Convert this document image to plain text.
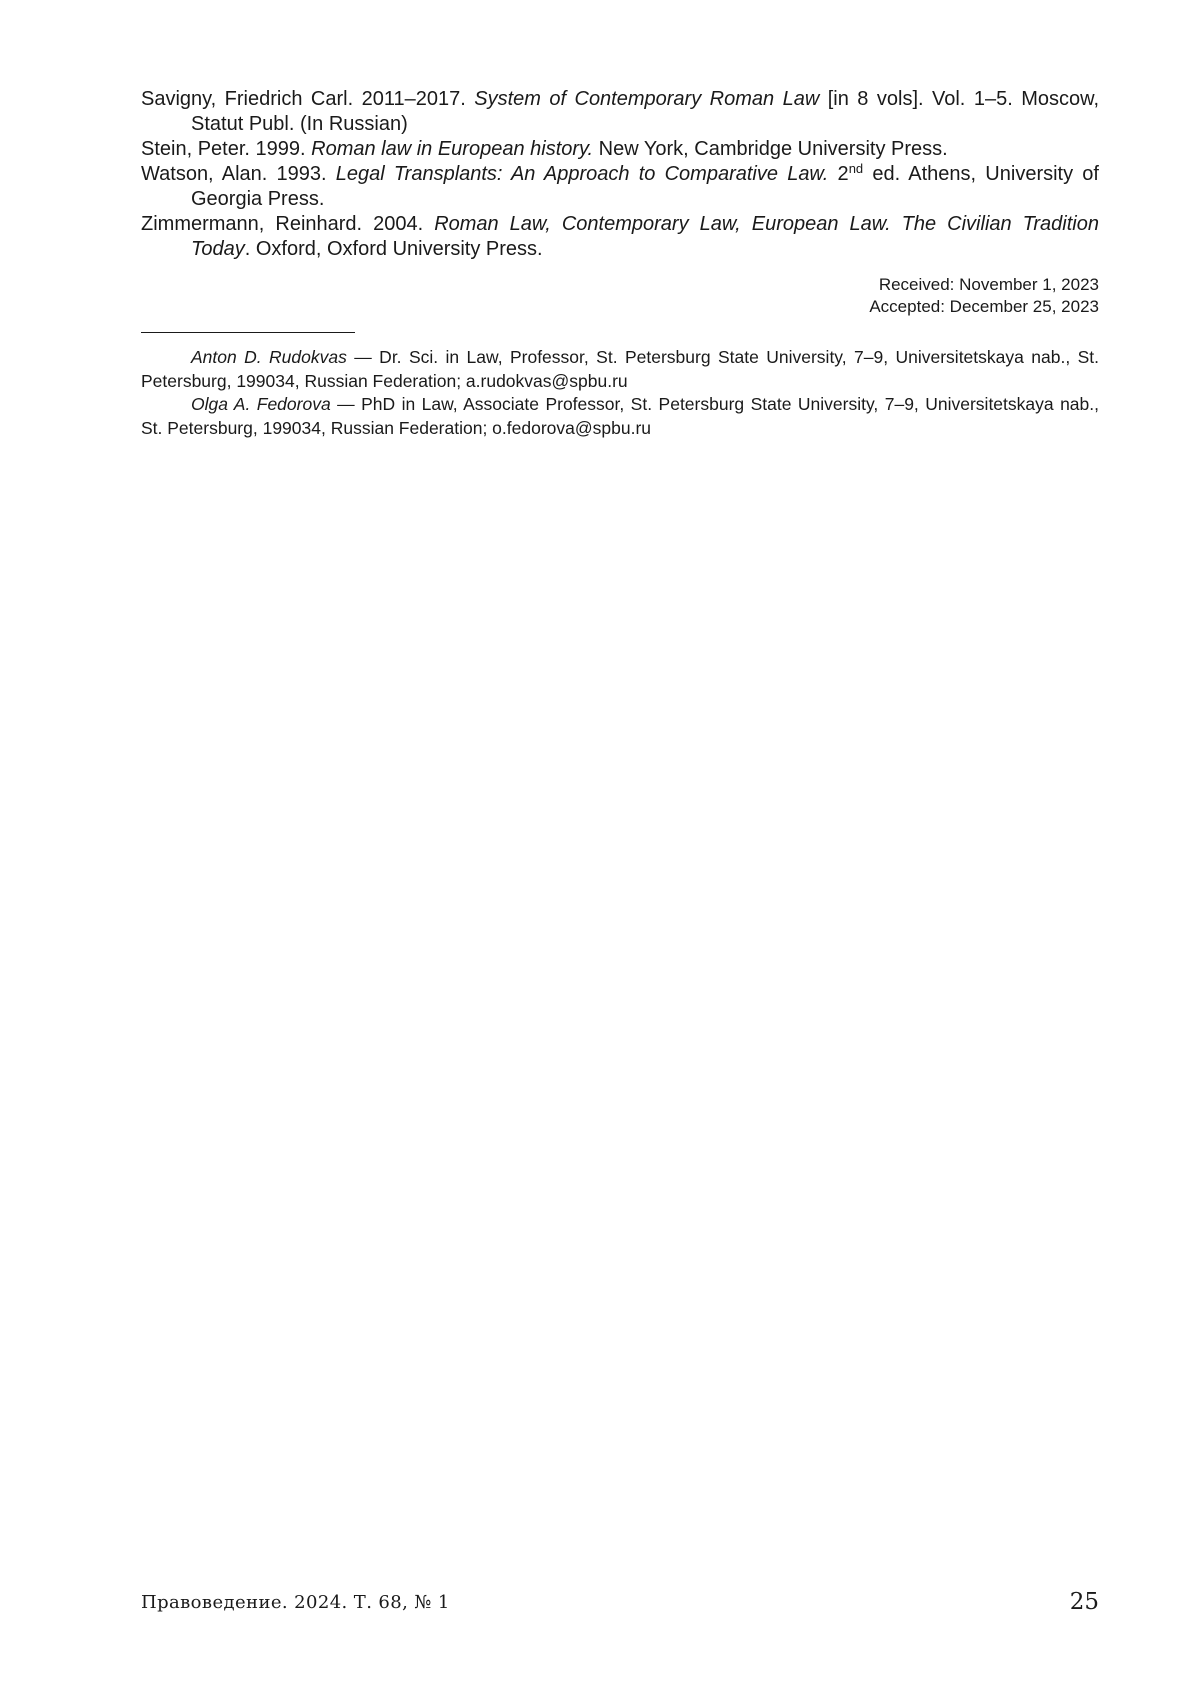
Savigny, Friedrich Carl. 2011–2017. System of Contemporary Roman Law [in 8 vols]. Vol. 1–5. Moscow, Statut Publ. (In Russian)
Stein, Peter. 1999. Roman law in European history. New York, Cambridge University Press.
Watson, Alan. 1993. Legal Transplants: An Approach to Comparative Law. 2nd ed. Athens, University of Georgia Press.
Zimmermann, Reinhard. 2004. Roman Law, Contemporary Law, European Law. The Civilian Tradition Today. Oxford, Oxford University Press.
Received: November 1, 2023
Accepted: December 25, 2023

Anton D. Rudokvas — Dr. Sci. in Law, Professor, St. Petersburg State University, 7–9, Universitetskaya nab., St. Petersburg, 199034, Russian Federation; a.rudokvas@spbu.ru

Olga A. Fedorova — PhD in Law, Associate Professor, St. Petersburg State University, 7–9, Universitetskaya nab., St. Petersburg, 199034, Russian Federation; o.fedorova@spbu.ru

Правоведение. 2024. Т. 68, № 1	25
